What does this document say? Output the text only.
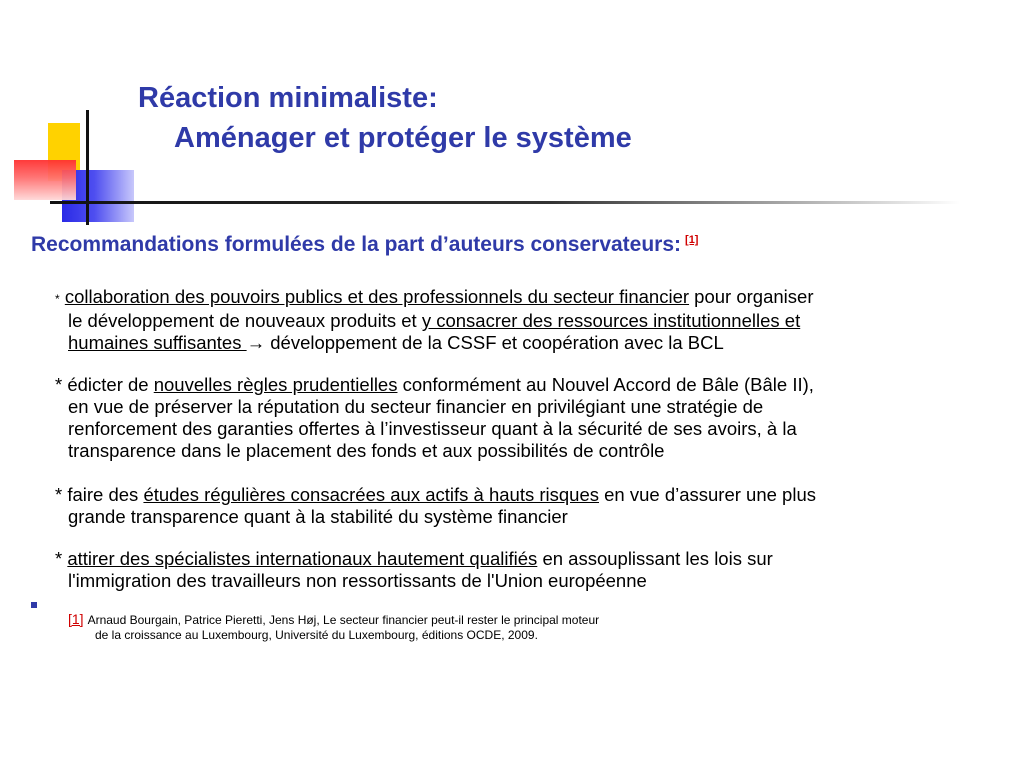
Réaction minimaliste:
Aménager et protéger le système
Recommandations formulées de la part d’auteurs conservateurs: [1]

* collaboration des pouvoirs publics et des professionnels du secteur financier pour organiser
le développement de nouveaux produits et y consacrer des ressources institutionnelles et
humaines suffisantes → développement de la CSSF et coopération avec la BCL

* édicter de nouvelles règles prudentielles conformément au Nouvel Accord de Bâle (Bâle II),
en vue de préserver la réputation du secteur financier en privilégiant une stratégie de
renforcement des garanties offertes à l’investisseur quant à la sécurité de ses avoirs, à la
transparence dans le placement des fonds et aux possibilités de contrôle

* faire des études régulières consacrées aux actifs à hauts risques en vue d’assurer une plus
grande transparence quant à la stabilité du système financier

* attirer des spécialistes internationaux hautement qualifiés en assouplissant les lois sur
l'immigration des travailleurs non ressortissants de l'Union européenne

[1] Arnaud Bourgain, Patrice Pieretti, Jens Høj, Le secteur financier peut-il rester le principal moteur
de la croissance au Luxembourg, Université du Luxembourg, éditions OCDE, 2009.
